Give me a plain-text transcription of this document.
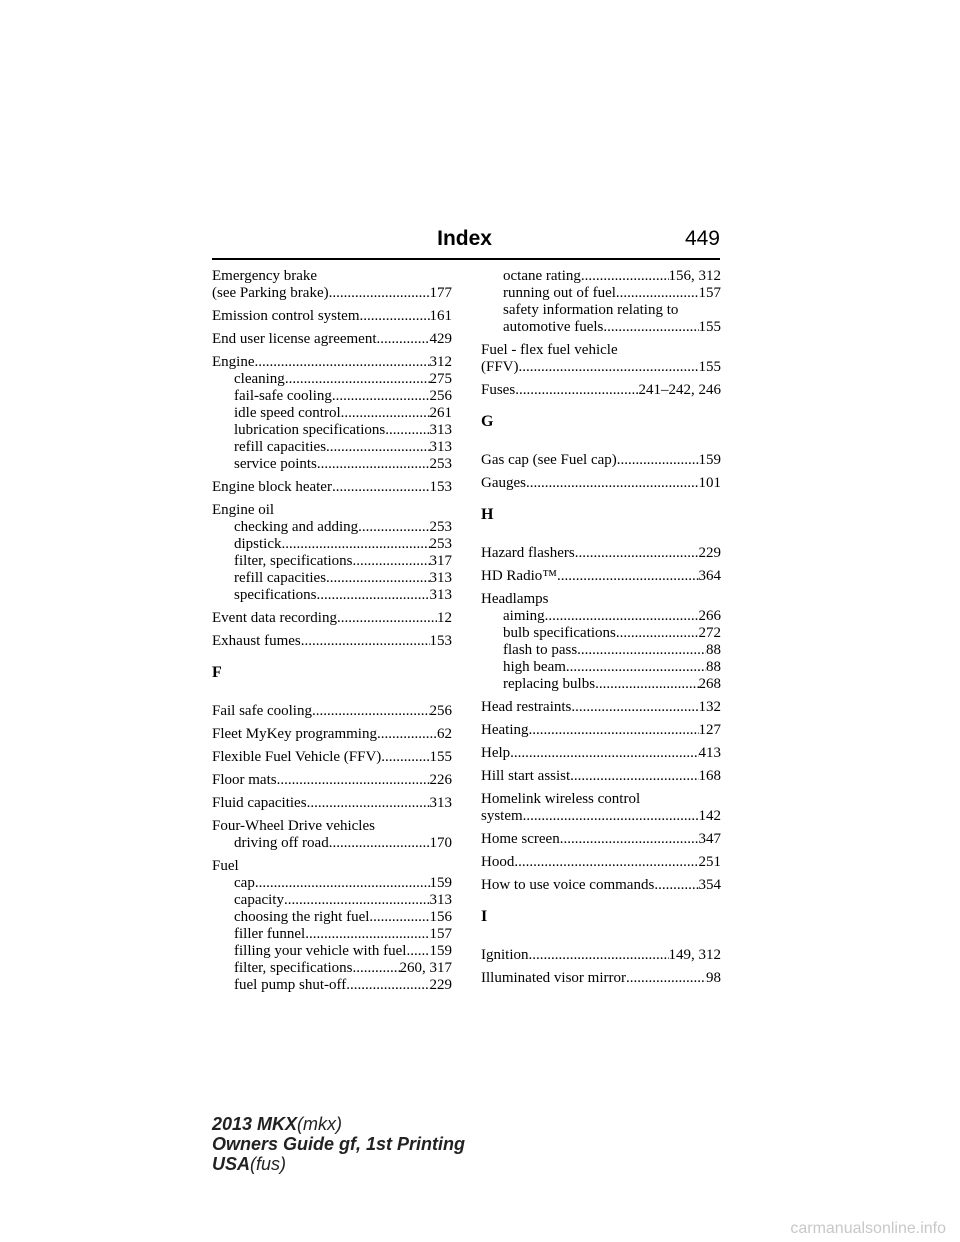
Index	449
Emergency brake
(see Parking brake) .....	177
Emission control system .....	161
End user license agreement .....	429
Engine .....	312
cleaning .....	275
fail-safe cooling .....	256
idle speed control .....	261
lubrication specifications .....	313
refill capacities .....	313
service points .....	253
Engine block heater .....	153
Engine oil
checking and adding .....	253
dipstick .....	253
filter, specifications .....	317
refill capacities .....	313
specifications .....	313
Event data recording .....	12
Exhaust fumes .....	153
F
Fail safe cooling .....	256
Fleet MyKey programming .....	62
Flexible Fuel Vehicle (FFV) .....	155
Floor mats .....	226
Fluid capacities .....	313
Four-Wheel Drive vehicles
driving off road .....	170
Fuel
cap .....	159
capacity .....	313
choosing the right fuel .....	156
filler funnel .....	157
filling your vehicle with fuel ..... 159
filter, specifications .....	260, 317
fuel pump shut-off .....	229
octane rating .....	156, 312
running out of fuel .....	157
safety information relating to
automotive fuels .....	155
Fuel - flex fuel vehicle
(FFV) .....	155
Fuses .....	241–242, 246
G
Gas cap (see Fuel cap) .....	159
Gauges .....	101
H
Hazard flashers .....	229
HD Radio™ .....	364
Headlamps
aiming .....	266
bulb specifications .....	272
flash to pass .....	88
high beam .....	88
replacing bulbs .....	268
Head restraints .....	132
Heating .....	127
Help .....	413
Hill start assist .....	168
Homelink wireless control
system .....	142
Home screen .....	347
Hood .....	251
How to use voice commands .....	354
I
Ignition .....	149, 312
Illuminated visor mirror .....	98
2013 MKX(mkx)
Owners Guide gf, 1st Printing
USA(fus)
carmanualsonline.info
